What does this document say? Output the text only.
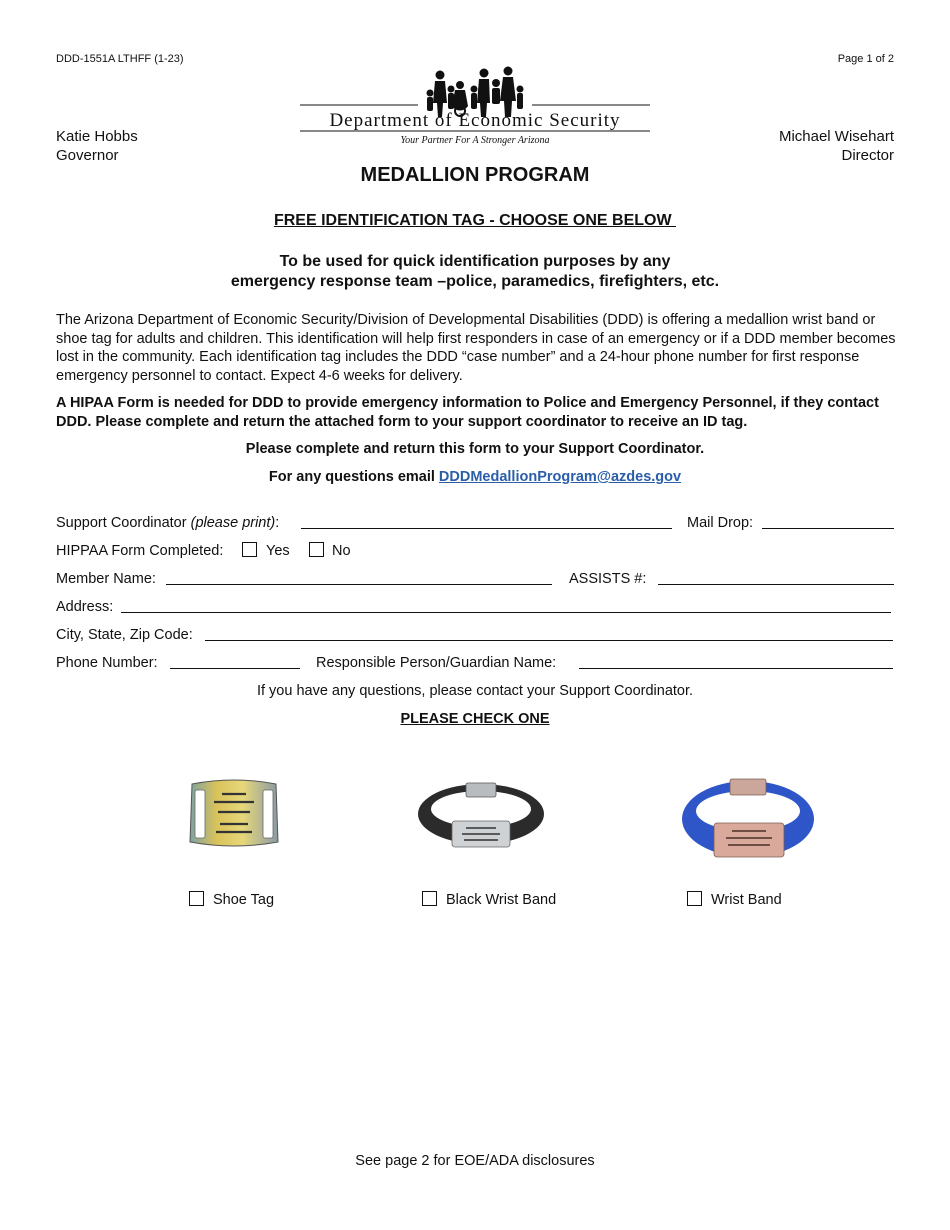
DDD-1551A LTHFF (1-23)	Page 1 of 2
Department of Economic Security
Your Partner For A Stronger Arizona
Katie Hobbs
Governor
Michael Wisehart
Director
MEDALLION PROGRAM
FREE IDENTIFICATION TAG - CHOOSE ONE BELOW
To be used for quick identification purposes by any
emergency response team –police, paramedics, firefighters, etc.
The Arizona Department of Economic Security/Division of Developmental Disabilities (DDD) is offering a medallion wrist band or shoe tag for adults and children. This identification will help first responders in case of an emergency or if a DDD member becomes lost in the community. Each identification tag includes the DDD “case number” and a 24-hour phone number for first response emergency personnel to contact. Expect 4-6 weeks for delivery.
A HIPAA Form is needed for DDD to provide emergency information to Police and Emergency Personnel, if they contact DDD. Please complete and return the attached form to your support coordinator to receive an ID tag.
Please complete and return this form to your Support Coordinator.
For any questions email DDDMedallionProgram@azdes.gov
Support Coordinator (please print):	Mail Drop:
HIPPAA Form Completed:	Yes	No
Member Name:	ASSISTS #:
Address:
City, State, Zip Code:
Phone Number:	Responsible Person/Guardian Name:
If you have any questions, please contact your Support Coordinator.
PLEASE CHECK ONE
Shoe Tag	Black Wrist Band	Wrist Band
See page 2 for EOE/ADA disclosures
